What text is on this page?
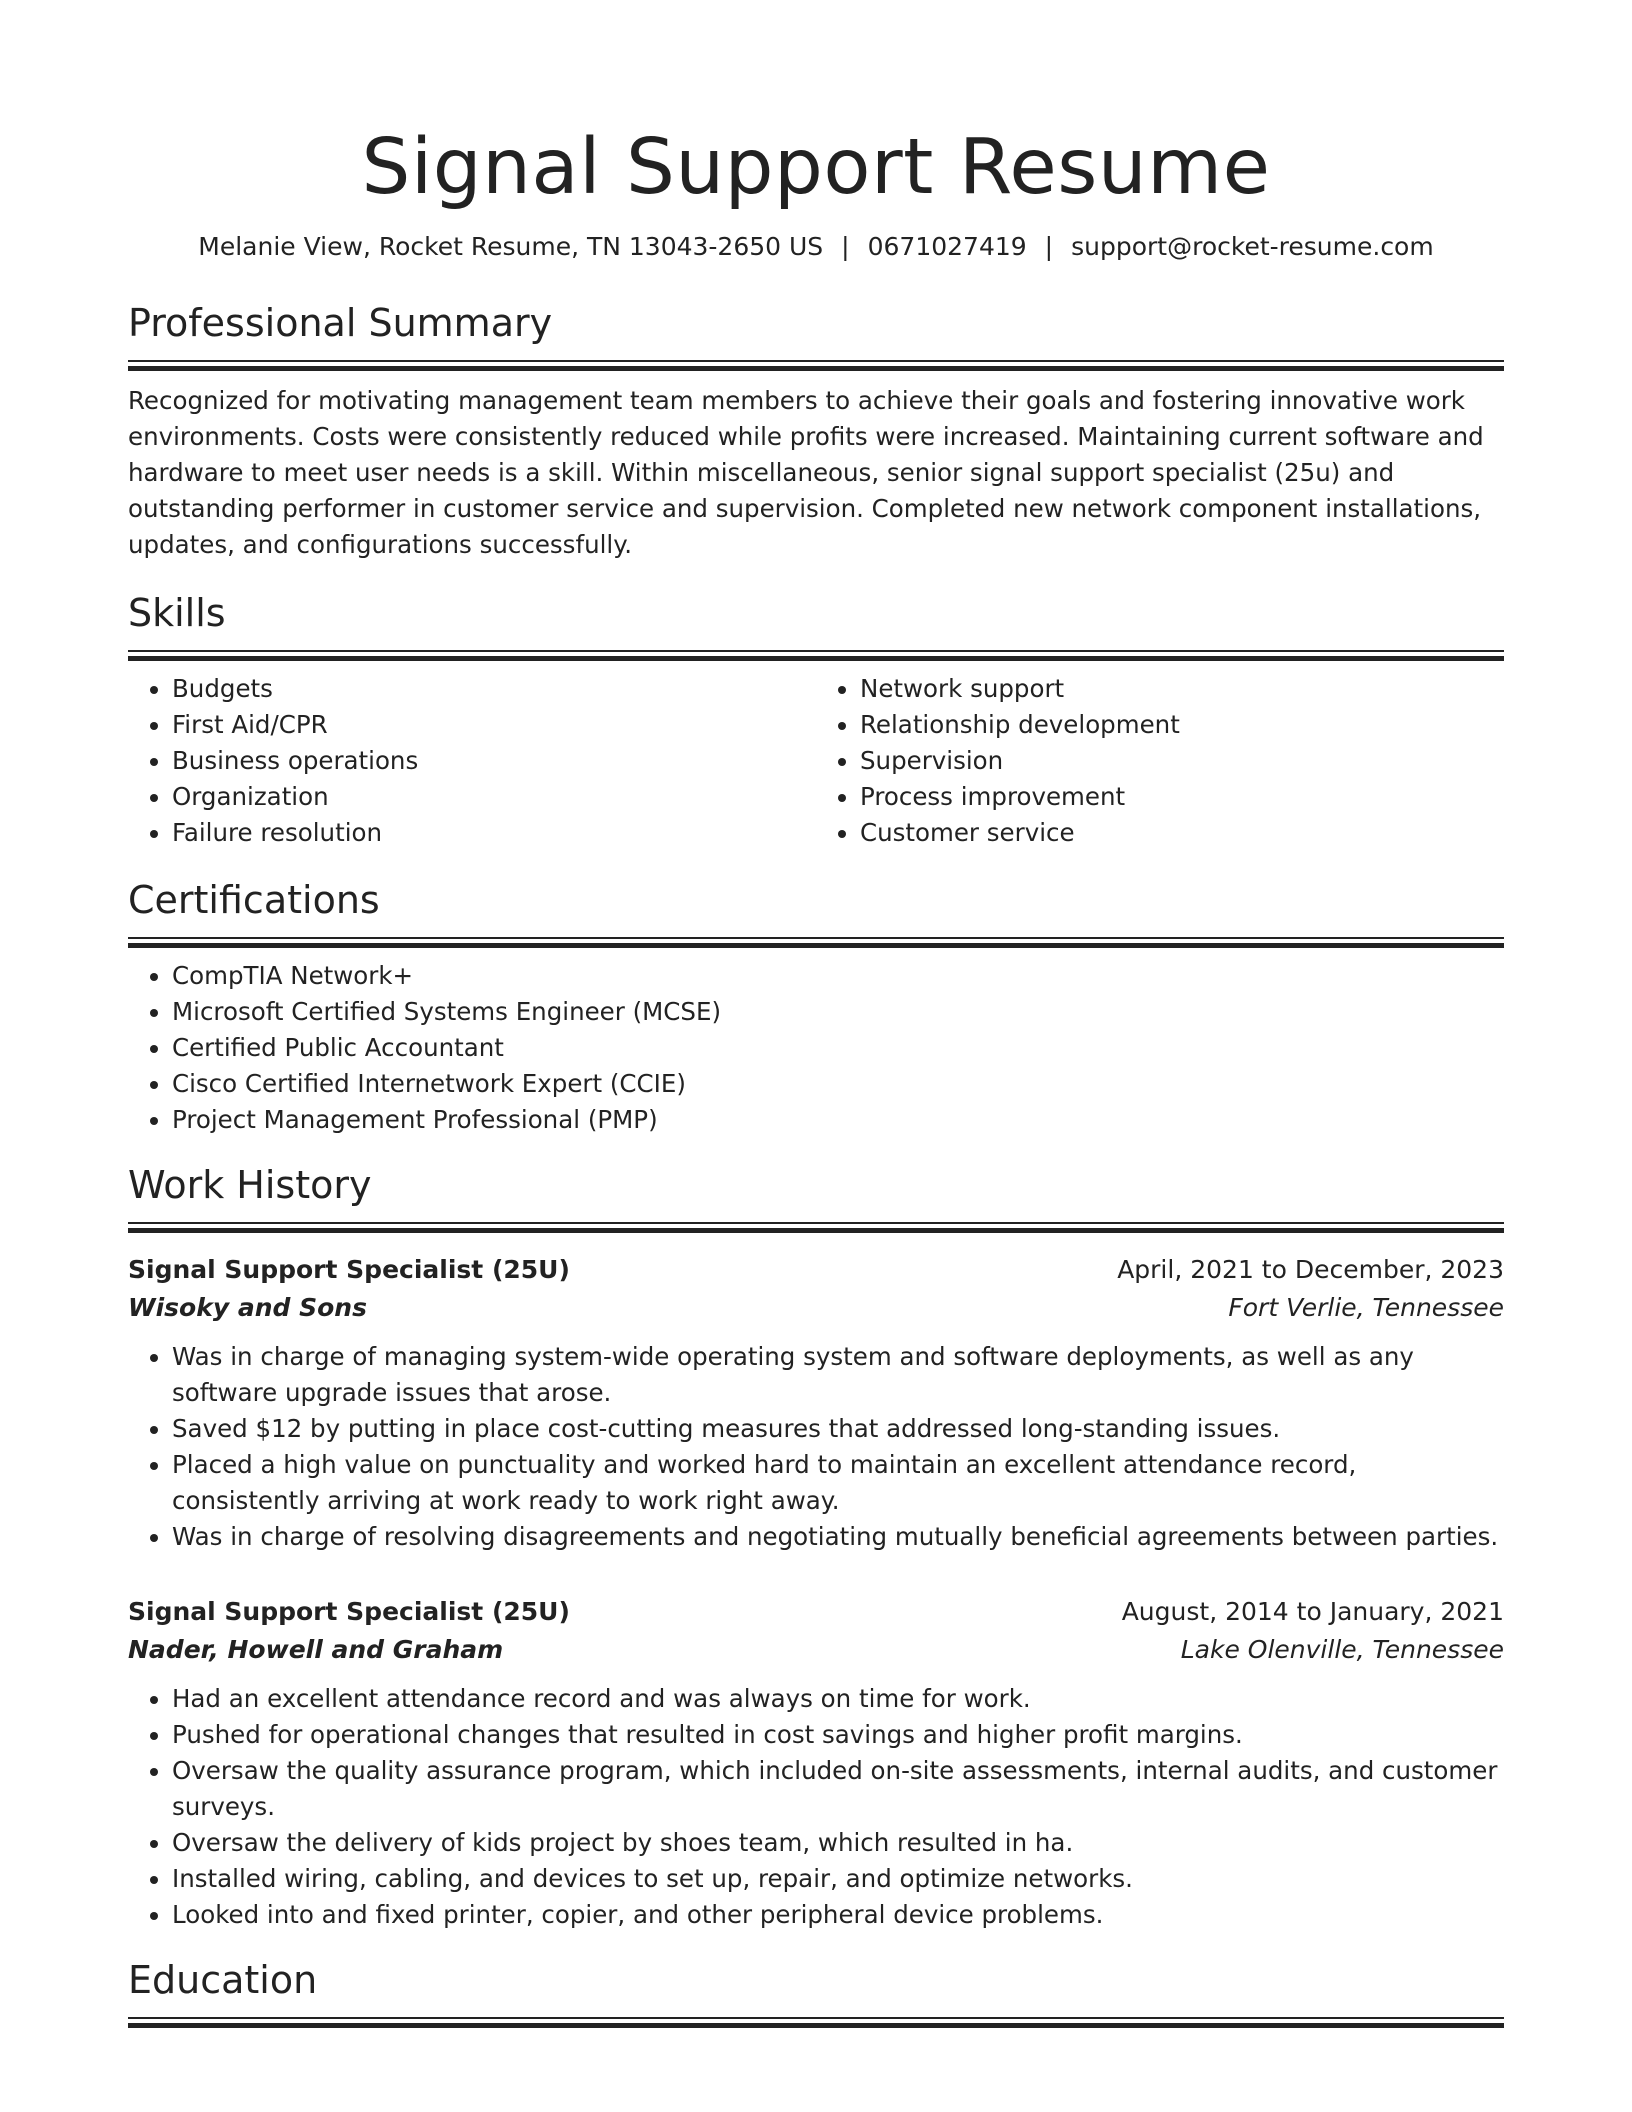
Signal Support Resume
Melanie View, Rocket Resume, TN 13043-2650 US | 0671027419 | support@rocket-resume.com
Professional Summary

Recognized for motivating management team members to achieve their goals and fostering innovative work environments. Costs were consistently reduced while profits were increased. Maintaining current software and hardware to meet user needs is a skill. Within miscellaneous, senior signal support specialist (25u) and outstanding performer in customer service and supervision. Completed new network component installations, updates, and configurations successfully.

Skills
• Budgets
• First Aid/CPR
• Business operations
• Organization
• Failure resolution
• Network support
• Relationship development
• Supervision
• Process improvement
• Customer service
Certifications
• CompTIA Network+
• Microsoft Certified Systems Engineer (MCSE)
• Certified Public Accountant
• Cisco Certified Internetwork Expert (CCIE)
• Project Management Professional (PMP)
Work History
Signal Support Specialist (25U)	April, 2021 to December, 2023
Wisoky and Sons	Fort Verlie, Tennessee
• Was in charge of managing system-wide operating system and software deployments, as well as any software upgrade issues that arose.
• Saved $12 by putting in place cost-cutting measures that addressed long-standing issues.
• Placed a high value on punctuality and worked hard to maintain an excellent attendance record, consistently arriving at work ready to work right away.
• Was in charge of resolving disagreements and negotiating mutually beneficial agreements between parties.
Signal Support Specialist (25U)	August, 2014 to January, 2021
Nader, Howell and Graham	Lake Olenville, Tennessee
• Had an excellent attendance record and was always on time for work.
• Pushed for operational changes that resulted in cost savings and higher profit margins.
• Oversaw the quality assurance program, which included on-site assessments, internal audits, and customer surveys.
• Oversaw the delivery of kids project by shoes team, which resulted in ha.
• Installed wiring, cabling, and devices to set up, repair, and optimize networks.
• Looked into and fixed printer, copier, and other peripheral device problems.
Education
